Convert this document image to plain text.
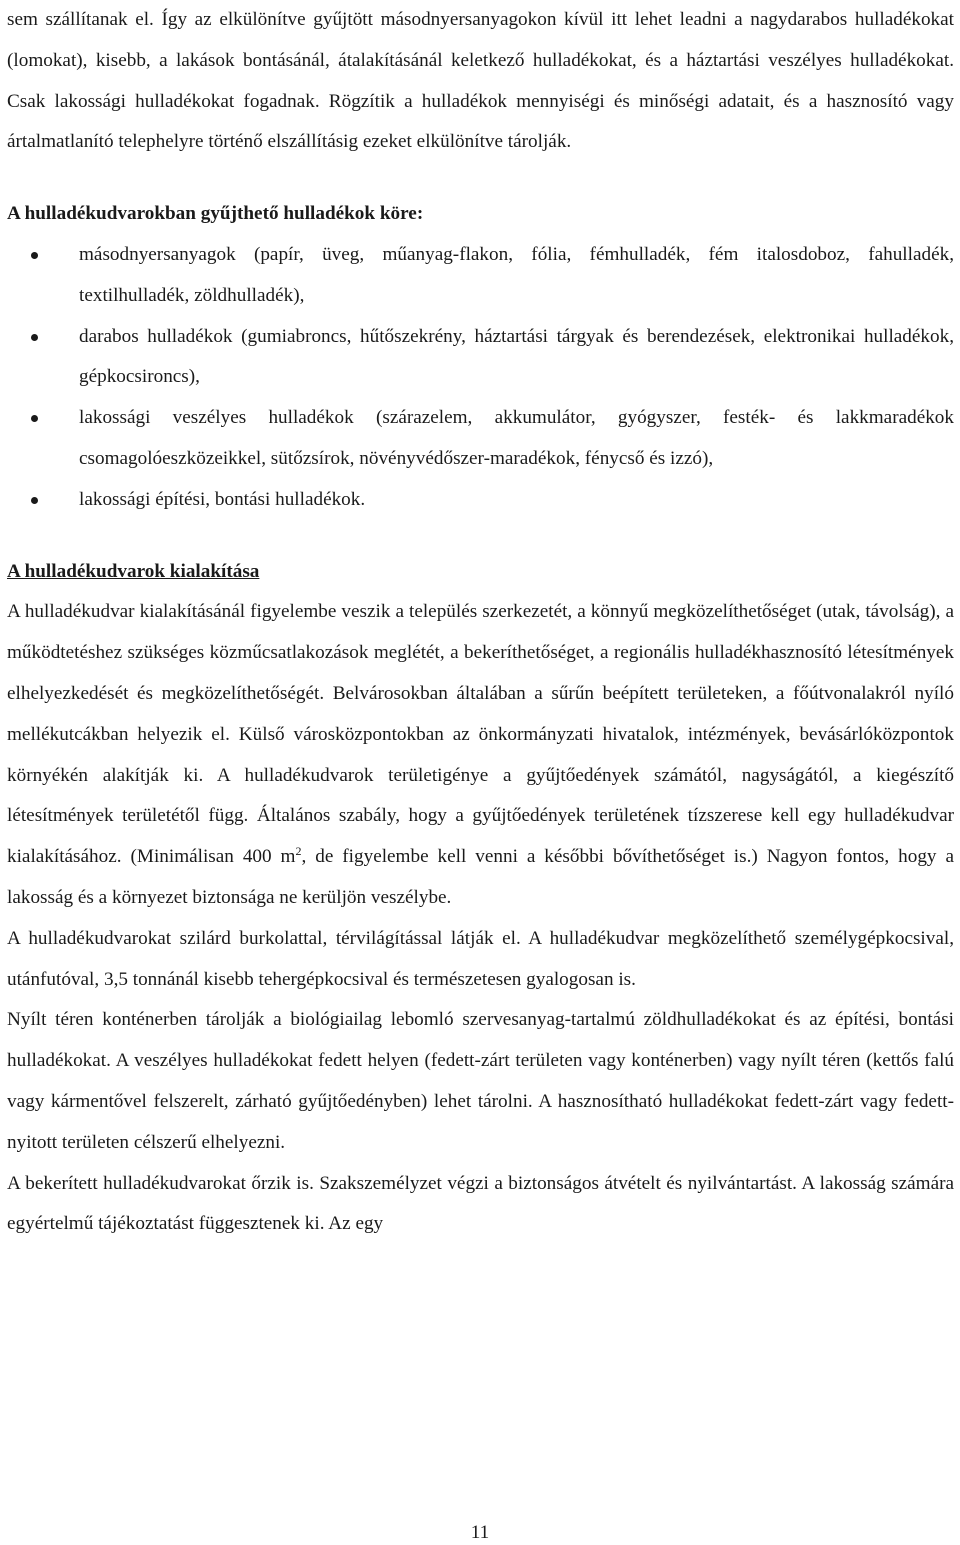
sem szállítanak el. Így az elkülönítve gyűjtött másodnyersanyagokon kívül itt lehet leadni a nagydarabos hulladékokat (lomokat), kisebb, a lakások bontásánál, átalakításánál keletkező hulladékokat, és a háztartási veszélyes hulladékokat. Csak lakossági hulladékokat fogadnak. Rögzítik a hulladékok mennyiségi és minőségi adatait, és a hasznosító vagy ártalmatlanító telephelyre történő elszállításig ezeket elkülönítve tárolják.

A hulladékudvarokban gyűjthető hulladékok köre:
másodnyersanyagok (papír, üveg, műanyag-flakon, fólia, fémhulladék, fém italosdoboz, fahulladék, textilhulladék, zöldhulladék),
darabos hulladékok (gumiabroncs, hűtőszekrény, háztartási tárgyak és berendezések, elektronikai hulladékok, gépkocsironcs),
lakossági veszélyes hulladékok (szárazelem, akkumulátor, gyógyszer, festék- és lakkmaradékok csomagolóeszközeikkel, sütőzsírok, növényvédőszer-maradékok, fénycső és izzó),
lakossági építési, bontási hulladékok.
A hulladékudvarok kialakítása

A hulladékudvar kialakításánál figyelembe veszik a település szerkezetét, a könnyű megközelíthetőséget (utak, távolság), a működtetéshez szükséges közműcsatlakozások meglétét, a bekeríthetőséget, a regionális hulladékhasznosító létesítmények elhelyezkedését és megközelíthetőségét. Belvárosokban általában a sűrűn beépített területeken, a főútvonalakról nyíló mellékutcákban helyezik el. Külső városközpontokban az önkormányzati hivatalok, intézmények, bevásárlóközpontok környékén alakítják ki. A hulladékudvarok területigénye a gyűjtőedények számától, nagyságától, a kiegészítő létesítmények területétől függ. Általános szabály, hogy a gyűjtőedények területének tízszerese kell egy hulladékudvar kialakításához. (Minimálisan 400 $m^2$, de figyelembe kell venni a későbbi bővíthetőséget is.) Nagyon fontos, hogy a lakosság és a környezet biztonsága ne kerüljön veszélybe.

A hulladékudvarokat szilárd burkolattal, térvilágítással látják el. A hulladékudvar megközelíthető személygépkocsival, utánfutóval, 3,5 tonnánál kisebb tehergépkocsival és természetesen gyalogosan is.

Nyílt téren konténerben tárolják a biológiailag lebomló szervesanyag-tartalmú zöldhulladékokat és az építési, bontási hulladékokat. A veszélyes hulladékokat fedett helyen (fedett-zárt területen vagy konténerben) vagy nyílt téren (kettős falú vagy kármentővel felszerelt, zárható gyűjtőedényben) lehet tárolni. A hasznosítható hulladékokat fedett-zárt vagy fedett-nyitott területen célszerű elhelyezni.

A bekerített hulladékudvarokat őrzik is. Szakszemélyzet végzi a biztonságos átvételt és nyilvántartást. A lakosság számára egyértelmű tájékoztatást függesztenek ki. Az egy

11
